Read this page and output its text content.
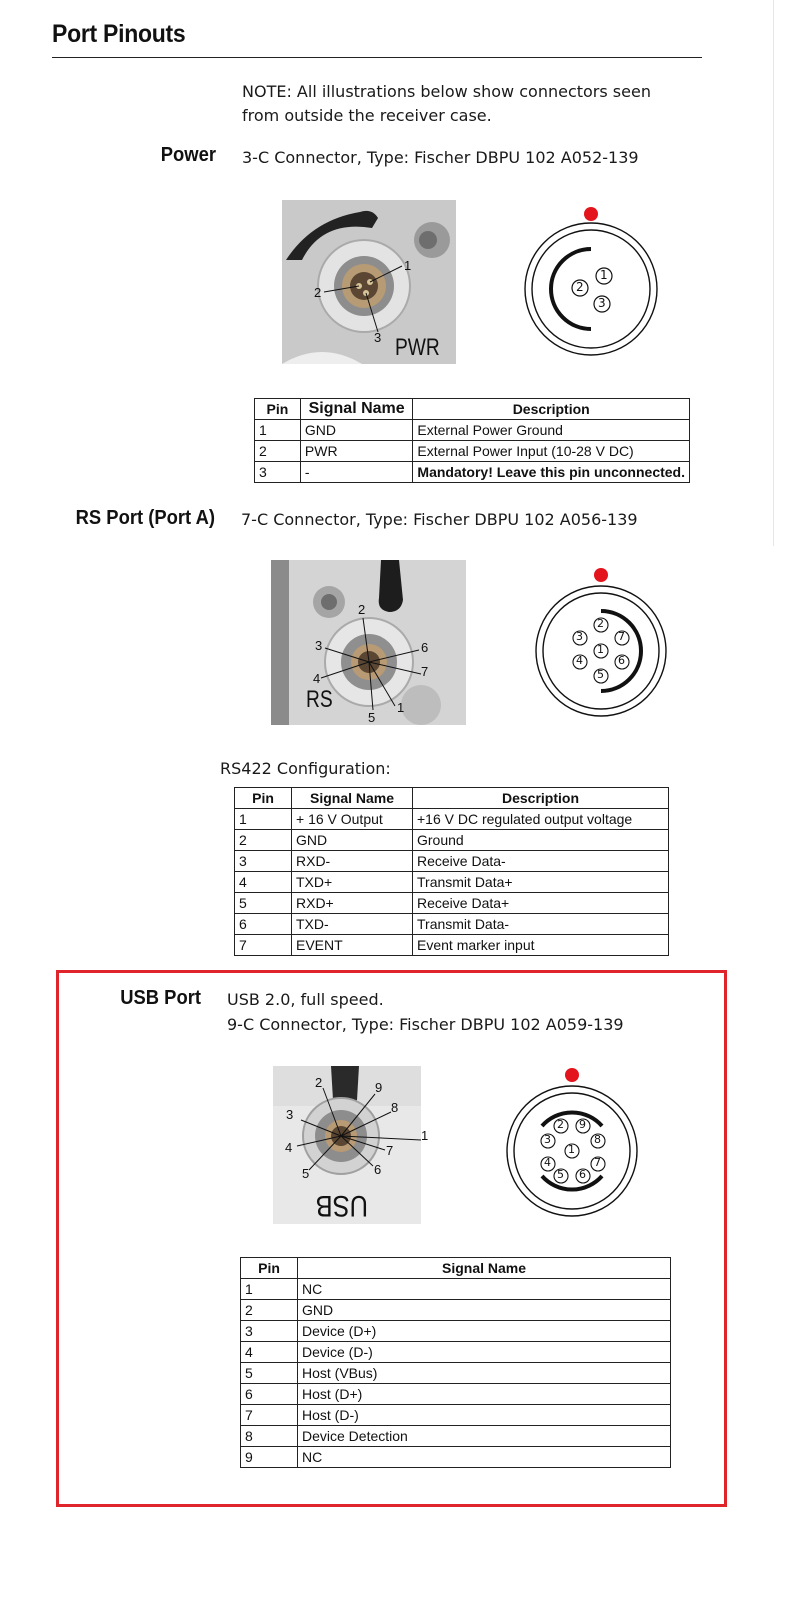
Port Pinouts
NOTE: All illustrations below show connectors seen from outside the receiver case.
Power 3-C Connector, Type: Fischer DBPU 102 A052-139
1
2
3 PWR
1
2
3
Pin	Signal Name	Description
1	GND	External Power Ground
2	PWR	External Power Input (10-28 V DC)
3	-	Mandatory! Leave this pin unconnected.
RS Port (Port A) 7-C Connector, Type: Fischer DBPU 102 A056-139
1
2
3
4
5
6
7
RS
1
2
3
4
5
6
7
RS422 Configuration:
Pin	Signal Name	Description
1	+ 16 V Output	+16 V DC regulated output voltage
2	GND	Ground
3	RXD-	Receive Data-
4	TXD+	Transmit Data+
5	RXD+	Receive Data+
6	TXD-	Transmit Data-
7	EVENT	Event marker input
USB Port USB 2.0, full speed.
9-C Connector, Type: Fischer DBPU 102 A059-139
1
2
3
4
5	6
7
8
9
USB
1
2
3
4
5 6
7
8
9
Pin	Signal Name
1	NC
2	GND
3	Device (D+)
4	Device (D-)
5	Host (VBus)
6	Host (D+)
7	Host (D-)
8	Device Detection
9	NC
